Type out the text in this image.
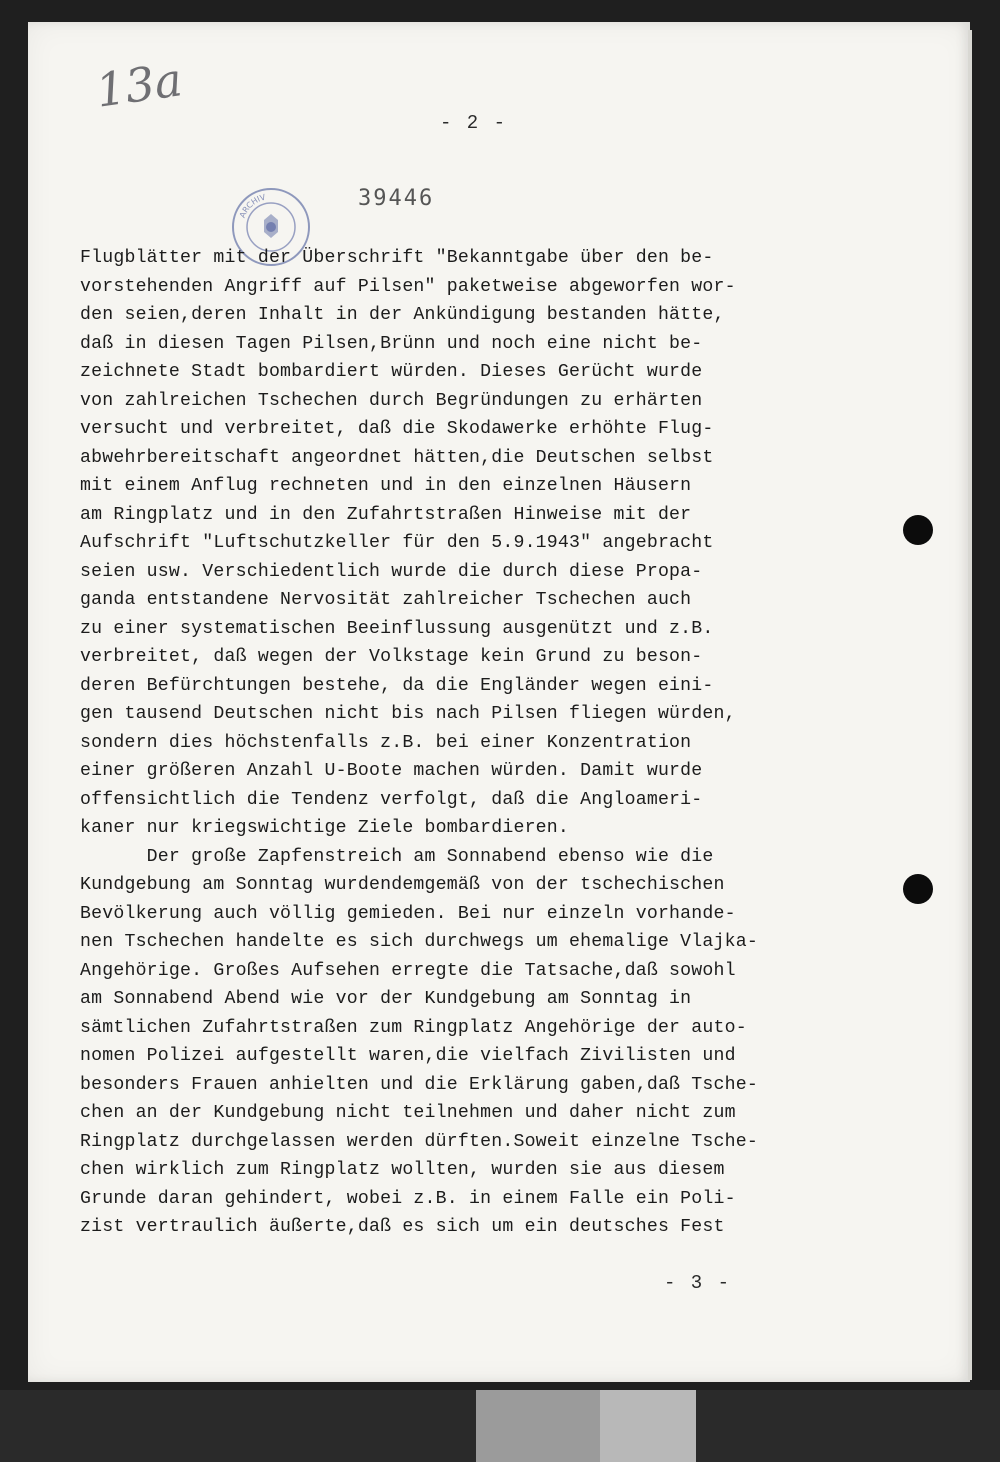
13a
- 2 -
ARCHIV	39446
Flugblätter mit der Überschrift "Bekanntgabe über den be-
vorstehenden Angriff auf Pilsen" paketweise abgeworfen wor-
den seien,deren Inhalt in der Ankündigung bestanden hätte,
daß in diesen Tagen Pilsen,Brünn und noch eine nicht be-
zeichnete Stadt bombardiert würden. Dieses Gerücht wurde
von zahlreichen Tschechen durch Begründungen zu erhärten
versucht und verbreitet, daß die Skodawerke erhöhte Flug-
abwehrbereitschaft angeordnet hätten,die Deutschen selbst
mit einem Anflug rechneten und in den einzelnen Häusern
am Ringplatz und in den Zufahrtstraßen Hinweise mit der
Aufschrift "Luftschutzkeller für den 5.9.1943" angebracht
seien usw. Verschiedentlich wurde die durch diese Propa-
ganda entstandene Nervosität zahlreicher Tschechen auch
zu einer systematischen Beeinflussung ausgenützt und z.B.
verbreitet, daß wegen der Volkstage kein Grund zu beson-
deren Befürchtungen bestehe, da die Engländer wegen eini-
gen tausend Deutschen nicht bis nach Pilsen fliegen würden,
sondern dies höchstenfalls z.B. bei einer Konzentration
einer größeren Anzahl U-Boote machen würden. Damit wurde
offensichtlich die Tendenz verfolgt, daß die Angloameri-
kaner nur kriegswichtige Ziele bombardieren.
Der große Zapfenstreich am Sonnabend ebenso wie die
Kundgebung am Sonntag wurdendemgemäß von der tschechischen
Bevölkerung auch völlig gemieden. Bei nur einzeln vorhande-
nen Tschechen handelte es sich durchwegs um ehemalige Vlajka-
Angehörige. Großes Aufsehen erregte die Tatsache,daß sowohl
am Sonnabend Abend wie vor der Kundgebung am Sonntag in
sämtlichen Zufahrtstraßen zum Ringplatz Angehörige der auto-
nomen Polizei aufgestellt waren,die vielfach Zivilisten und
besonders Frauen anhielten und die Erklärung gaben,daß Tsche-
chen an der Kundgebung nicht teilnehmen und daher nicht zum
Ringplatz durchgelassen werden dürften.Soweit einzelne Tsche-
chen wirklich zum Ringplatz wollten, wurden sie aus diesem
Grunde daran gehindert, wobei z.B. in einem Falle ein Poli-
zist vertraulich äußerte,daß es sich um ein deutsches Fest
- 3 -
